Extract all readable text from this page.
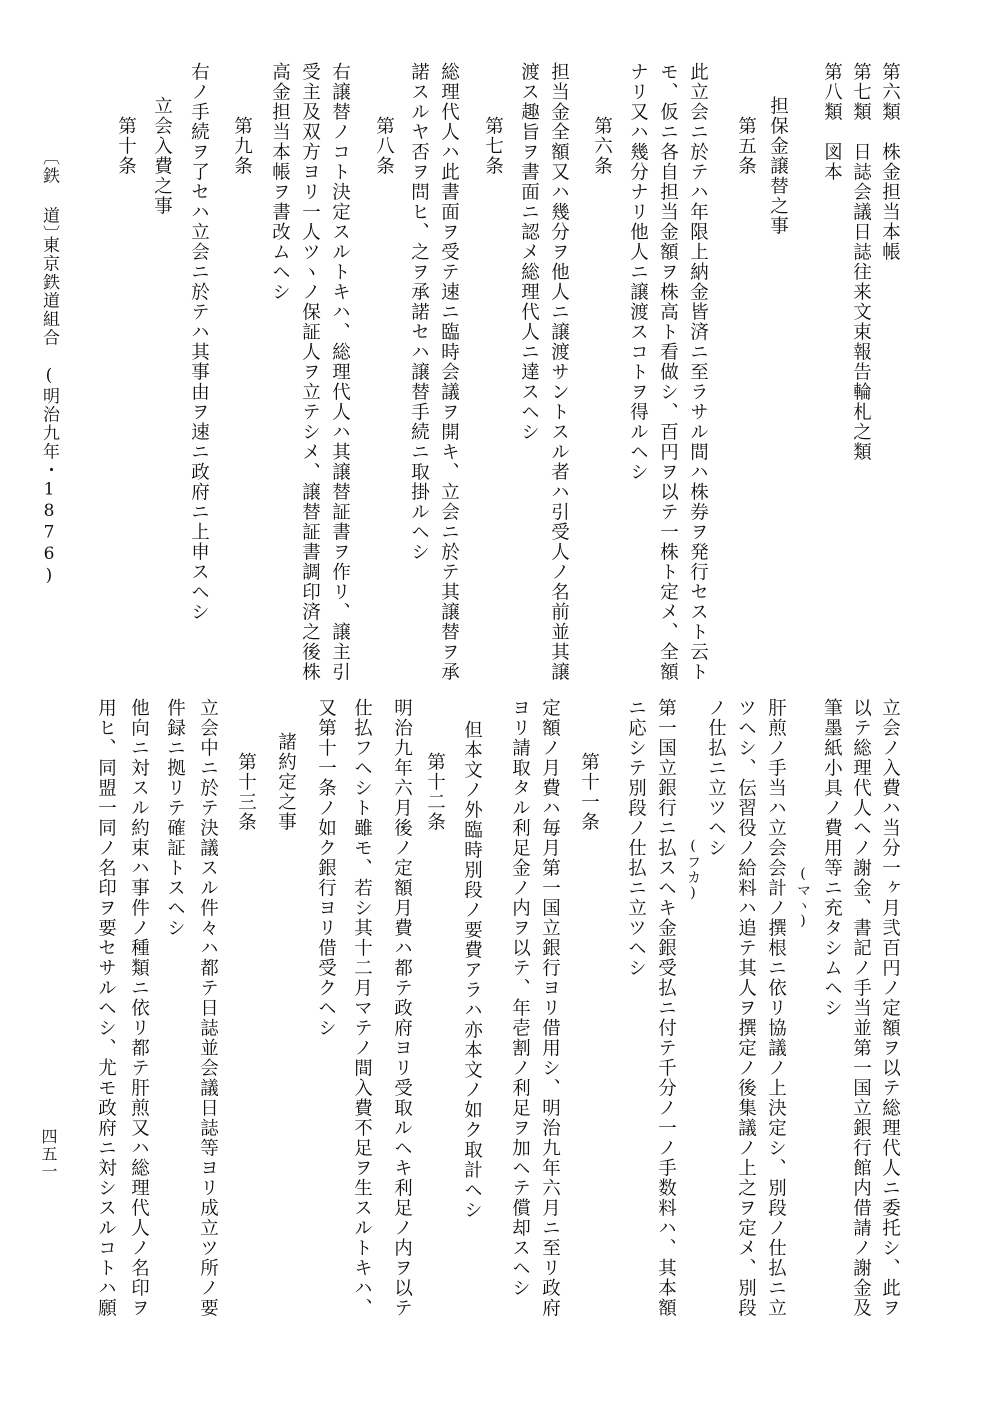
第六類　株金担当本帳
第七類　日誌会議日誌往来文束報告輪札之類
第八類　図本
担保金譲替之事
第五条
此立会ニ於テハ年限上納金皆済ニ至ラサル間ハ株券ヲ発行セスト云ト
モ、仮ニ各自担当金額ヲ株高ト看做シ、百円ヲ以テ一株ト定メ、全額
ナリ又ハ幾分ナリ他人ニ譲渡スコトヲ得ルヘシ
第六条
担当金全額又ハ幾分ヲ他人ニ譲渡サントスル者ハ引受人ノ名前並其譲
渡ス趣旨ヲ書面ニ認メ総理代人ニ達スヘシ
第七条
総理代人ハ此書面ヲ受テ速ニ臨時会議ヲ開キ、立会ニ於テ其譲替ヲ承
諾スルヤ否ヲ問ヒ、之ヲ承諾セハ譲替手続ニ取掛ルヘシ
第八条
右譲替ノコト決定スルトキハ、総理代人ハ其譲替証書ヲ作リ、譲主引
受主及双方ヨリ一人ツヽノ保証人ヲ立テシメ、譲替証書調印済之後株
高金担当本帳ヲ書改ムヘシ
第九条
右ノ手続ヲ了セハ立会ニ於テハ其事由ヲ速ニ政府ニ上申スヘシ
立会入費之事
第十条
(マヽ)
(フカ)	立会ノ入費ハ当分一ヶ月弐百円ノ定額ヲ以テ総理代人ニ委托シ、此ヲ
以テ総理代人ヘノ謝金、書記ノ手当並第一国立銀行館内借請ノ謝金及
筆墨紙小具ノ費用等ニ充タシムヘシ
肝煎ノ手当ハ立会会計ノ撰根ニ依リ協議ノ上決定シ、別段ノ仕払ニ立
ツヘシ、伝習役ノ給料ハ追テ其人ヲ撰定ノ後集議ノ上之ヲ定メ、別段
ノ仕払ニ立ツヘシ
第一国立銀行ニ払スヘキ金銀受払ニ付テ千分ノ一ノ手数料ハ、其本額
ニ応シテ別段ノ仕払ニ立ツヘシ
第十一条
定額ノ月費ハ毎月第一国立銀行ヨリ借用シ、明治九年六月ニ至リ政府
ヨリ請取タル利足金ノ内ヲ以テ、年壱割ノ利足ヲ加ヘテ償却スヘシ
但本文ノ外臨時別段ノ要費アラハ亦本文ノ如ク取計ヘシ
第十二条
明治九年六月後ノ定額月費ハ都テ政府ヨリ受取ルヘキ利足ノ内ヲ以テ
仕払フヘシト雖モ、若シ其十二月マテノ間入費不足ヲ生スルトキハ、
又第十一条ノ如ク銀行ヨリ借受クヘシ
諸約定之事
第十三条
立会中ニ於テ決議スル件々ハ都テ日誌並会議日誌等ヨリ成立ツ所ノ要
件録ニ拠リテ確証トスヘシ
他向ニ対スル約束ハ事件ノ種類ニ依リ都テ肝煎又ハ総理代人ノ名印ヲ
用ヒ、同盟一同ノ名印ヲ要セサルヘシ、尤モ政府ニ対シスルコトハ願
〔鉄 道〕
東京鉄道組合　(明治九年・1876)
四五一
